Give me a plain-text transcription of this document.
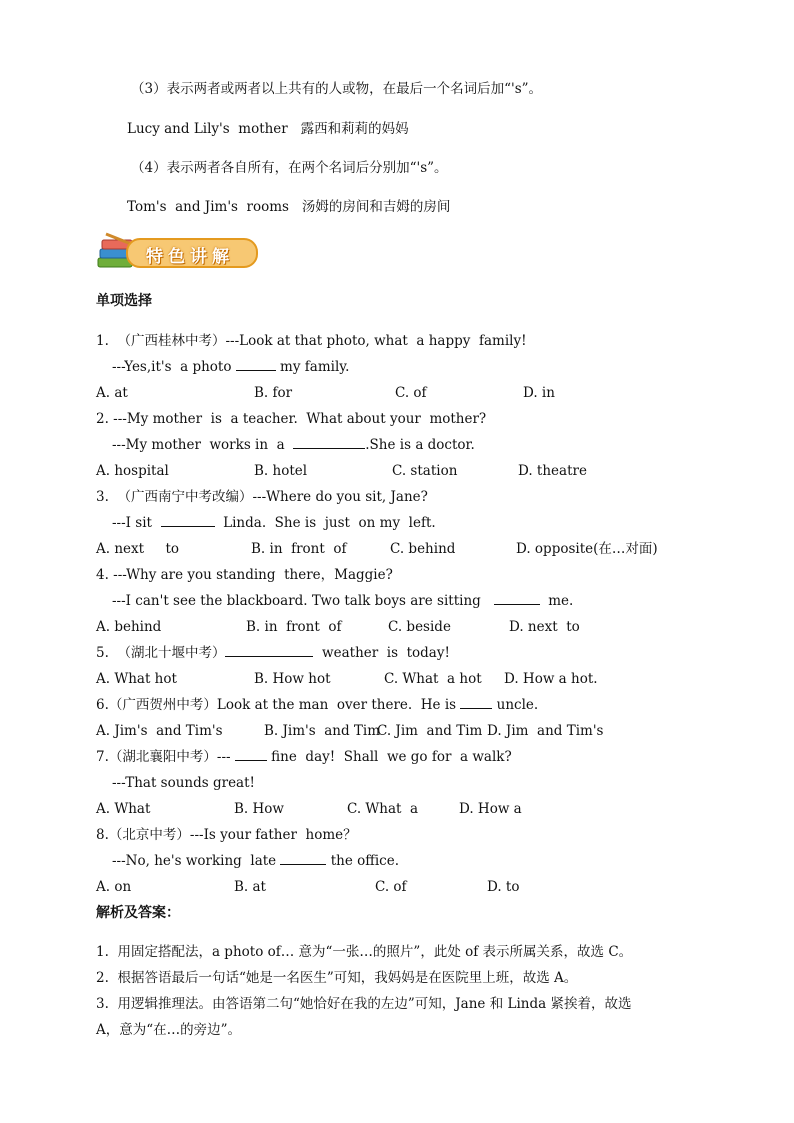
（3）表示两者或两者以上共有的人或物，在最后一个名词后加“'s”。
Lucy and Lily's  mother   露西和莉莉的妈妈
（4）表示两者各自所有，在两个名词后分别加“'s”。
Tom's  and Jim's  rooms   汤姆的房间和吉姆的房间
特色讲解
单项选择
1.  （广西桂林中考）---Look at that photo, what  a happy  family!
---Yes,it's  a photo	my family.
A. at	B. for	C. of	D. in
2. ---My mother  is  a teacher.  What about your  mother?
---My mother  works in  a	.She is a doctor.
A. hospital	B. hotel	C. station	D. theatre
3.  （广西南宁中考改编）---Where do you sit, Jane?
---I sit	Linda.  She is  just  on my  left.
A. next     to	B. in  front  of	C. behind	D. opposite(在…对面)
4. ---Why are you standing  there，Maggie?
---I can't see the blackboard. Two talk boys are sitting	me.
A. behind	B. in  front  of	C. beside	D. next  to
5.  （湖北十堰中考）	weather  is  today!
A. What hot	B. How hot	C. What  a hot D. How a hot.
6.（广西贺州中考）Look at the man  over there.  He is  uncle.
A. Jim's  and Tim's	B. Jim's  and Tim
C. Jim  and Tim D. Jim  and Tim's
7.（湖北襄阳中考）---  fine  day!  Shall  we go for  a walk?
---That sounds great!
A. What	B. How	C. What  a	D. How a
8.（北京中考）---Is your father  home？
---No, he's working  late	the office.
A. on	B. at	C. of	D. to
解析及答案：
1.  用固定搭配法，a photo of… 意为“一张…的照片”，此处 of 表示所属关系，故选 C。
2.  根据答语最后一句话“她是一名医生”可知，我妈妈是在医院里上班，故选 A。
3.  用逻辑推理法。由答语第二句“她恰好在我的左边”可知，Jane 和 Linda 紧挨着，故选
A，意为“在…的旁边”。
